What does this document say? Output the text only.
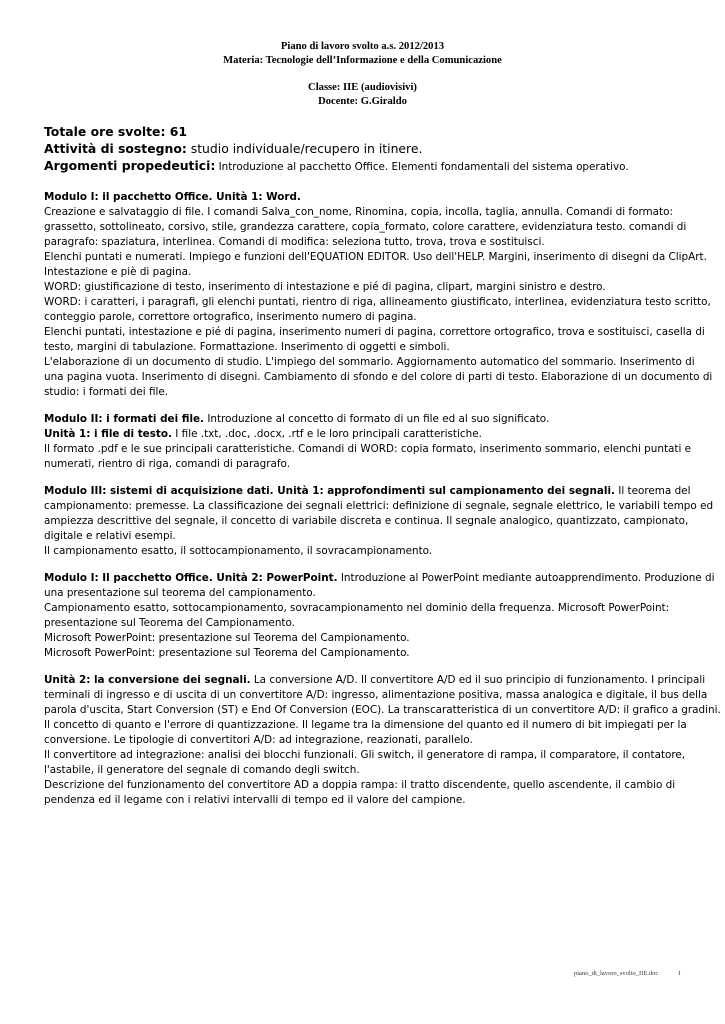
Piano di lavoro svolto a.s. 2012/2013
Materia: Tecnologie dell’Informazione e della Comunicazione
Classe: IIE (audiovisivi)
Docente: G.Giraldo
Totale ore svolte: 61
Attività di sostegno: studio individuale/recupero in itinere.
Argomenti propedeutici: Introduzione al pacchetto Office. Elementi fondamentali del sistema operativo.
Modulo I: il pacchetto Office. Unità 1: Word.
Creazione e salvataggio di file. I comandi Salva_con_nome, Rinomina, copia, incolla, taglia, annulla. Comandi di formato:
grassetto, sottolineato, corsivo, stile, grandezza carattere, copia_formato, colore carattere, evidenziatura testo. comandi di
paragrafo: spaziatura, interlinea. Comandi di modifica: seleziona tutto, trova, trova e sostituisci.
Elenchi puntati e numerati. Impiego e funzioni dell'EQUATION EDITOR. Uso dell'HELP. Margini, inserimento di disegni da ClipArt.
Intestazione e piè di pagina.
WORD: giustificazione di testo, inserimento di intestazione e pié di pagina, clipart, margini sinistro e destro.
WORD: i caratteri, i paragrafi, gli elenchi puntati, rientro di riga, allineamento giustificato, interlinea, evidenziatura testo scritto,
conteggio parole, correttore ortografico, inserimento numero di pagina.
Elenchi puntati, intestazione e pié di pagina, inserimento numeri di pagina, correttore ortografico, trova e sostituisci, casella di
testo, margini di tabulazione. Formattazione. Inserimento di oggetti e simboli.
L'elaborazione di un documento di studio. L'impiego del sommario. Aggiornamento automatico del sommario. Inserimento di
una pagina vuota. Inserimento di disegni. Cambiamento di sfondo e del colore di parti di testo. Elaborazione di un documento di
studio: i formati dei file.
Modulo II: i formati dei file. Introduzione al concetto di formato di un file ed al suo significato.
Unità 1: i file di testo. I file .txt, .doc, .docx, .rtf e le loro principali caratteristiche.
Il formato .pdf e le sue principali caratteristiche. Comandi di WORD: copia formato, inserimento sommario, elenchi puntati e
numerati, rientro di riga, comandi di paragrafo.
Modulo III: sistemi di acquisizione dati. Unità 1: approfondimenti sul campionamento dei segnali. Il teorema del
campionamento: premesse. La classificazione dei segnali elettrici: definizione di segnale, segnale elettrico, le variabili tempo ed
ampiezza descrittive del segnale, il concetto di variabile discreta e continua. Il segnale analogico, quantizzato, campionato,
digitale e relativi esempi.
Il campionamento esatto, il sottocampionamento, il sovracampionamento.
Modulo I: Il pacchetto Office. Unità 2: PowerPoint. Introduzione al PowerPoint mediante autoapprendimento. Produzione di
una presentazione sul teorema del campionamento.
Campionamento esatto, sottocampionamento, sovracampionamento nel dominio della frequenza. Microsoft PowerPoint:
presentazione sul Teorema del Campionamento.
Microsoft PowerPoint: presentazione sul Teorema del Campionamento.
Microsoft PowerPoint: presentazione sul Teorema del Campionamento.
Unità 2: la conversione dei segnali. La conversione A/D. Il convertitore A/D ed il suo principio di funzionamento. I principali
terminali di ingresso e di uscita di un convertitore A/D: ingresso, alimentazione positiva, massa analogica e digitale, il bus della
parola d'uscita, Start Conversion (ST) e End Of Conversion (EOC). La transcaratteristica di un convertitore A/D: il grafico a gradini.
Il concetto di quanto e l'errore di quantizzazione. Il legame tra la dimensione del quanto ed il numero di bit impiegati per la
conversione. Le tipologie di convertitori A/D: ad integrazione, reazionati, parallelo.
Il convertitore ad integrazione: analisi dei blocchi funzionali. Gli switch, il generatore di rampa, il comparatore, il contatore,
l'astabile, il generatore del segnale di comando degli switch.
Descrizione del funzionamento del convertitore AD a doppia rampa: il tratto discendente, quello ascendente, il cambio di
pendenza ed il legame con i relativi intervalli di tempo ed il valore del campione.
piano_di_lavoro_svolto_IIE.doc	1
